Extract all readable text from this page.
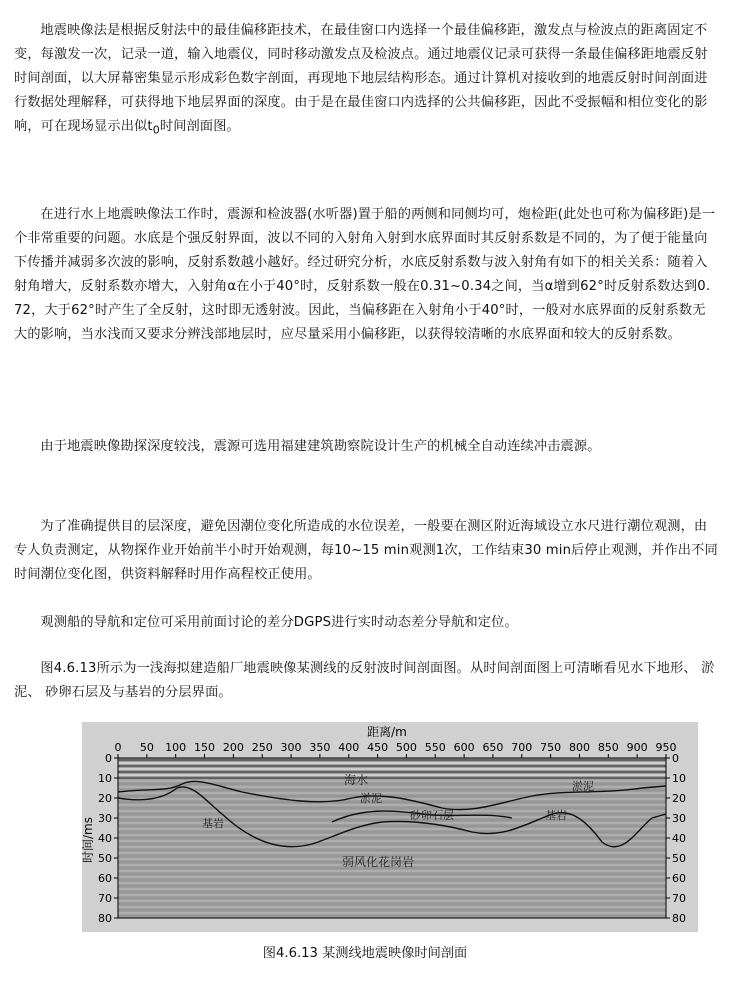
地震映像法是根据反射法中的最佳偏移距技术，在最佳窗口内选择一个最佳偏移距，激发点与检波点的距离固定不变，每激发一次，记录一道，输入地震仪，同时移动激发点及检波点。通过地震仪记录可获得一条最佳偏移距地震反射时间剖面，以大屏幕密集显示形成彩色数字剖面，再现地下地层结构形态。通过计算机对接收到的地震反射时间剖面进行数据处理解释，可获得地下地层界面的深度。由于是在最佳窗口内选择的公共偏移距，因此不受振幅和相位变化的影响，可在现场显示出似$t_0$时间剖面图。

在进行水上地震映像法工作时，震源和检波器(水听器)置于船的两侧和同侧均可，炮检距(此处也可称为偏移距)是一个非常重要的问题。水底是个强反射界面，波以不同的入射角入射到水底界面时其反射系数是不同的，为了便于能量向下传播并减弱多次波的影响，反射系数越小越好。经过研究分析，水底反射系数与波入射角有如下的相关关系：随着入射角增大，反射系数亦增大，入射角α在小于40°时，反射系数一般在0.31~0.34之间，当α增到62°时反射系数达到0.72，大于62°时产生了全反射，这时即无透射波。因此，当偏移距在入射角小于40°时，一般对水底界面的反射系数无大的影响，当水浅而又要求分辨浅部地层时，应尽量采用小偏移距，以获得较清晰的水底界面和较大的反射系数。

由于地震映像勘探深度较浅，震源可选用福建建筑勘察院设计生产的机械全自动连续冲击震源。

为了准确提供目的层深度，避免因潮位变化所造成的水位误差，一般要在测区附近海域设立水尺进行潮位观测，由专人负责测定，从物探作业开始前半小时开始观测，每10~15 min观测1次，工作结束30 min后停止观测，并作出不同时间潮位变化图，供资料解释时用作高程校正使用。

观测船的导航和定位可采用前面讨论的差分DGPS进行实时动态差分导航和定位。

图4.6.13所示为一浅海拟建造船厂地震映像某测线的反射波时间剖面图。从时间剖面图上可清晰看见水下地形、 淤泥、 砂卵石层及与基岩的分层界面。

距离/m
时间/ms
0 50 100 150 200 250 300 350 400 450 500 550 600 650 700 750 800 850 900 950
0	0
10	10
20	20
30	30
40	40
50	50
60	60
70	70
80	80
海水
淤泥
淤泥
砂卵石层
基岩
基岩
弱风化花岗岩
图4.6.13 某测线地震映像时间剖面
